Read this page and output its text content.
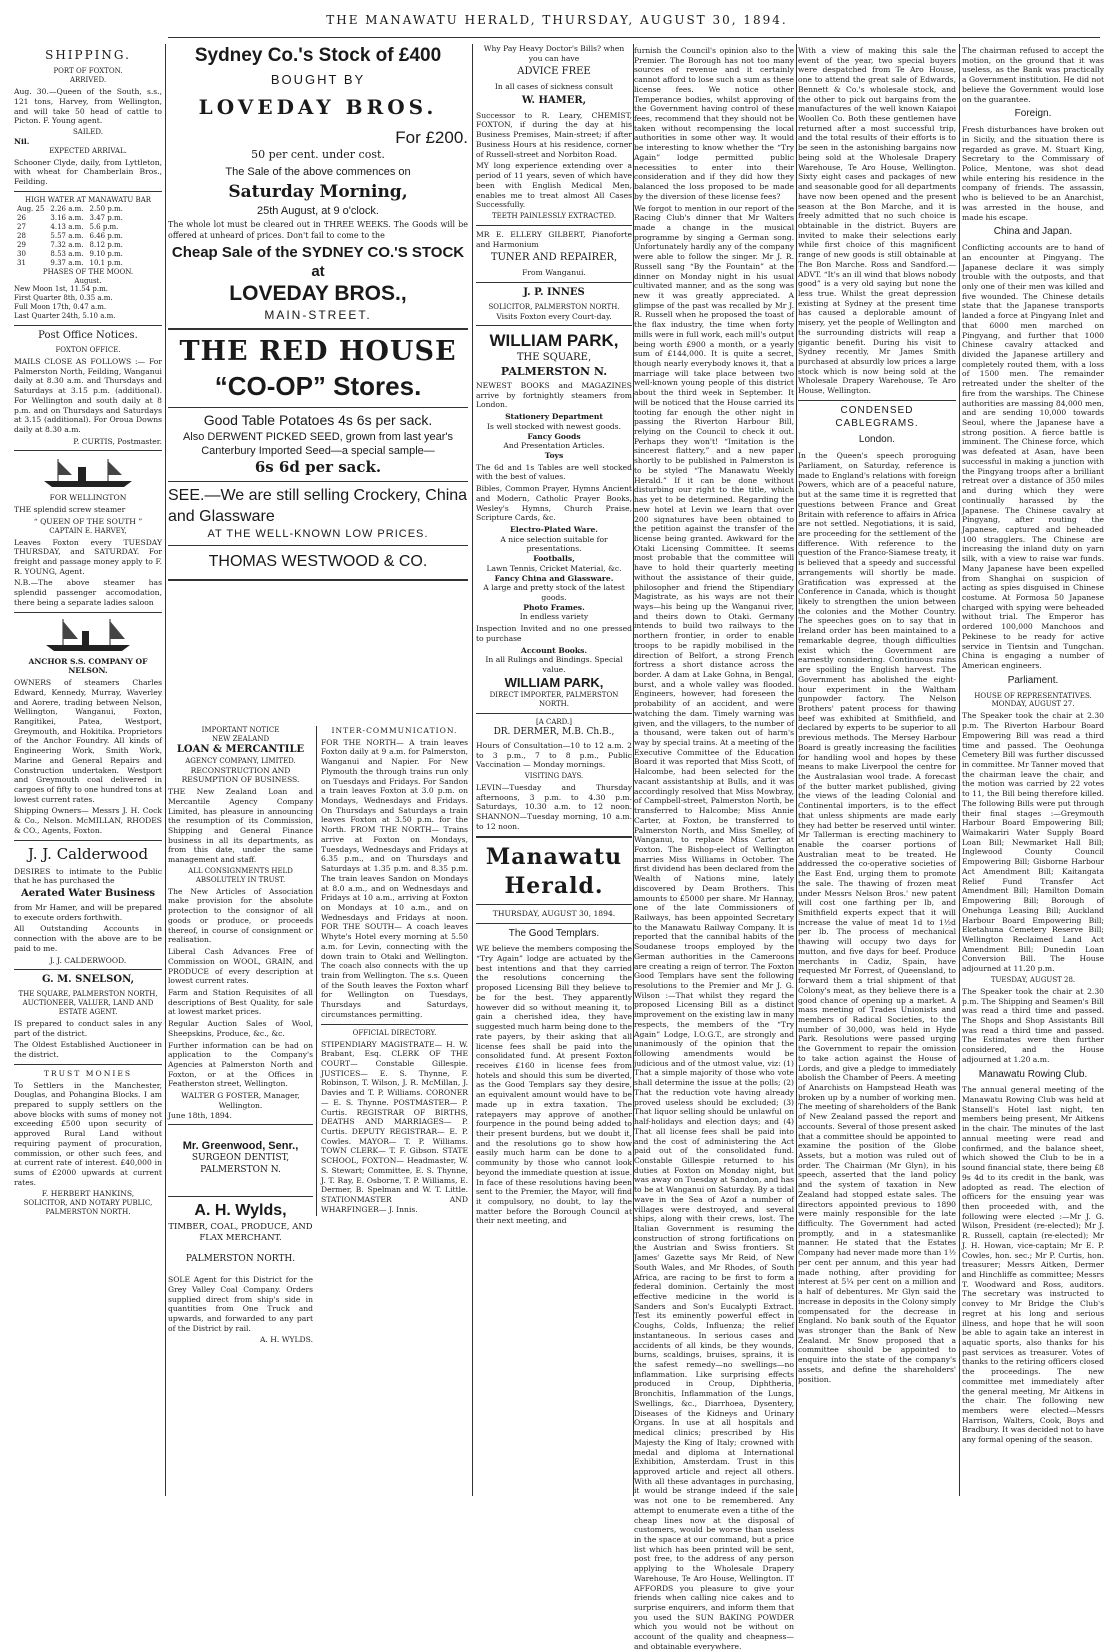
THE MANAWATU HERALD, THURSDAY, AUGUST 30, 1894.
SHIPPING.
PORT OF FOXTON.
ARRIVED.

Aug. 30.—Queen of the South, s.s., 121 tons, Harvey, from Wellington, and will take 50 head of cattle to Picton. F. Young agent.

SAILED.
Nil.
EXPECTED ARRIVAL.

Schooner Clyde, daily, from Lyttleton, with wheat for Chamberlain Bros., Feilding.

HIGH WATER AT MANAWATU BAR
Aug. 25	2.26 a.m.	2.50 p.m.
26	3.16 a.m.	3.47 p.m.
27	4.13 a.m.	5.6 p.m.
28	5.57 a.m.	6.46 p.m.
29	7.32 a.m.	8.12 p.m.
30	8.53 a.m.	9.10 p.m.
31	9.37 a.m.	10.1 p.m.
PHASES OF THE MOON.
August.
New Moon 1st, 11.54 p.m.
First Quarter 8th, 0.35 a.m.
Full Moon 17th, 0.47 a.m.
Last Quarter 24th, 5.10 a.m.
Post Office Notices.
FOXTON OFFICE.

MAILS CLOSE AS FOLLOWS :— For Palmerston North, Feilding, Wanganui daily at 8.30 a.m. and Thursdays and Saturdays at 3.15 p.m. (additional). For Wellington and south daily at 8 p.m. and on Thursdays and Saturdays at 3.15 (additional). For Oroua Downs daily at 8.30 a.m.

P. CURTIS, Postmaster.

FOR WELLINGTON

THE splendid screw steamer

“ QUEEN OF THE SOUTH ”
CAPTAIN E. HARVEY,

Leaves Foxton every TUESDAY THURSDAY, and SATURDAY. For freight and passage money apply to F. R. YOUNG, Agent.

N.B.—The above steamer has splendid passenger accomodation, there being a separate ladies saloon

ANCHOR S.S. COMPANY OF NELSON.

OWNERS of steamers Charles Edward, Kennedy, Murray, Waverley and Aorere, trading between Nelson, Wellington, Wanganui, Foxton, Rangitikei, Patea, Westport, Greymouth, and Hokitika. Proprietors of the Anchor Foundry. All kinds of Engineering Work, Smith Work, Marine and General Repairs and Construction undertaken. Westport and Greymouth coal delivered in cargoes of fifty to one hundred tons at lowest current rates.

Shipping Owners— Messrs J. H. Cock & Co., Nelson. McMILLAN, RHODES & CO., Agents, Foxton.

J. J. Calderwood

DESIRES to intimate to the Public that he has purchased the

Aerated Water Business

from Mr Hamer, and will be prepared to execute orders forthwith.

All Outstanding Accounts in connection with the above are to be paid to me.

J. J. CALDERWOOD.
G. M. SNELSON,
THE SQUARE, PALMERSTON NORTH,
AUCTIONEER, VALUER, LAND AND ESTATE AGENT.

IS prepared to conduct sales in any part of the district.

The Oldest Established Auctioneer in the district.

TRUST MONIES

To Settlers in the Manchester, Douglas, and Pohangina Blocks. I am prepared to supply settlers on the above blocks with sums of money not exceeding £500 upon security of approved Rural Land without requiring payment of procuration, commission, or other such fees, and at current rate of interest. £40,000 in sums of £2000 upwards at current rates.

F. HERBERT HANKINS,
SOLICITOR, AND NOTARY PUBLIC, PALMERSTON NORTH.
Sydney Co.'s Stock of £400
BOUGHT BY
LOVEDAY BROS.
For £200.
50 per cent. under cost.
The Sale of the above commences on
Saturday Morning,
25th August, at 9 o'clock.

The whole lot must be cleared out in THREE WEEKS. The Goods will be offered at unheard of prices. Don't fail to come to the

Cheap Sale of the SYDNEY CO.'S STOCK at
LOVEDAY BROS.,
MAIN-STREET.
THE RED HOUSE
“CO-OP” Stores.
Good Table Potatoes 4s 6s per sack.
Also DERWENT PICKED SEED, grown from last year's Canterbury Imported Seed—a special sample—
6s 6d per sack.
SEE.—We are still selling Crockery, China and Glassware
AT THE WELL-KNOWN LOW PRICES.
THOMAS WESTWOOD & CO.
IMPORTANT NOTICE
NEW ZEALAND
LOAN & MERCANTILE
AGENCY COMPANY, LIMITED.
RECONSTRUCTION AND RESUMPTION OF BUSINESS.

THE New Zealand Loan and Mercantile Agency Company Limited, has pleasure in announcing the resumption of its Commission, Shipping and General Finance business in all its departments, as from this date, under the same management and staff.

ALL CONSIGNMENTS HELD ABSOLUTELY IN TRUST.

The New Articles of Association make provision for the absolute protection to the consignor of all goods or produce, or proceeds thereof, in course of consignment or realisation.

Liberal Cash Advances Free of Commission on WOOL, GRAIN, and PRODUCE of every description at lowest current rates.

Farm and Station Requisites of all descriptions of Best Quality, for sale at lowest market prices.

Regular Auction Sales of Wool, Sheepskins, Produce, &c., &c.

Further information can be had on application to the Company's Agencies at Palmerston North and Foxton, or at the Offices in Featherston street, Wellington.

WALTER G FOSTER, Manager, Wellington.
June 18th, 1894.
Mr. Greenwood, Senr.,
SURGEON DENTIST,
PALMERSTON N.
A. H. Wylds,
TIMBER, COAL, PRODUCE, AND FLAX MERCHANT.
PALMERSTON NORTH.

SOLE Agent for this District for the Grey Valley Coal Company. Orders supplied direct from ship's side in quantities from One Truck and upwards, and forwarded to any part of the District by rail.

A. H. WYLDS.
INTER-COMMUNICATION.

FOR THE NORTH— A train leaves Foxton daily at 9 a.m. for Palmerston, Wanganui and Napier. For New Plymouth the through trains run only on Tuesdays and Fridays. For Sandon a train leaves Foxton at 3.0 p.m. on Mondays, Wednesdays and Fridays. On Thursdays and Saturdays a train leaves Foxton at 3.50 p.m. for the North. FROM THE NORTH— Trains arrive at Foxton on Mondays, Tuesdays, Wednesdays and Fridays at 6.35 p.m., and on Thursdays and Saturdays at 1.35 p.m. and 8.35 p.m. The train leaves Sandon on Mondays at 8.0 a.m., and on Wednesdays and Fridays at 10 a.m., arriving at Foxton on Mondays at 10 a.m., and on Wednesdays and Fridays at noon. FOR THE SOUTH— A coach leaves Whyte's Hotel every morning at 5.50 a.m. for Levin, connecting with the down train to Otaki and Wellington. The coach also connects with the up train from Wellington. The s.s. Queen of the South leaves the Foxton wharf for Wellington on Tuesdays, Thursdays and Saturdays, circumstances permitting.

OFFICIAL DIRECTORY.

STIPENDIARY MAGISTRATE— H. W. Brabant, Esq. CLERK OF THE COURT— Constable Gillespie. JUSTICES— E. S. Thynne, F. Robinson, T. Wilson, J. R. McMillan, J. Davies and T. P. Williams. CORONER— E. S. Thynne. POSTMASTER— P. Curtis. REGISTRAR OF BIRTHS, DEATHS AND MARRIAGES— P. Curtis. DEPUTY REGISTRAR— E. P. Cowles. MAYOR— T. P. Williams. TOWN CLERK— T. F. Gibson. STATE SCHOOL, FOXTON— Headmaster, W. S. Stewart; Committee, E. S. Thynne, J. T. Ray, E. Osborne, T. P. Williams, E. Dermer, B. Spelman and W. T. Little. STATIONMASTER AND WHARFINGER— J. Innis.

Why Pay Heavy Doctor's Bills? when you can have
ADVICE FREE
In all cases of sickness consult
W. HAMER,

Successor to R. Leary, CHEMIST, FOXTON, if during the day at his Business Premises, Main-street; if after Business Hours at his residence, corner of Russell-street and Norbiton Road.

MY long experience extending over a period of 11 years, seven of which have been with English Medical Men, enables me to treat almost All Cases Successfully.

TEETH PAINLESSLY EXTRACTED.

MR E. ELLERY GILBERT, Pianoforte and Harmonium

TUNER AND REPAIRER,
From Wanganui.
J. P. INNES
SOLICITOR, PALMERSTON NORTH.
Visits Foxton every Court-day.
WILLIAM PARK,
THE SQUARE,
PALMERSTON N.

NEWEST BOOKS and MAGAZINES arrive by fortnightly steamers from London.

Stationery Department
Is well stocked with newest goods.
Fancy Goods
And Presentation Articles.
Toys

The 6d and 1s Tables are well stocked with the best of values.

Bibles, Common Prayer, Hymns Ancient and Modern, Catholic Prayer Books, Wesley's Hymns, Church Praise, Scripture Cards, &c.

Electro-Plated Ware.
A nice selection suitable for presentations.
Footballs,
Lawn Tennis, Cricket Material, &c.
Fancy China and Glassware.
A large and pretty stock of the latest goods.
Photo Frames.
In endless variety

Inspection Invited and no one pressed to purchase

Account Books.
In all Rulings and Bindings. Special value.
WILLIAM PARK,
DIRECT IMPORTER, PALMERSTON NORTH.
[A CARD.]
DR. DERMER, M.B. Ch.B.,

Hours of Consultation—10 to 12 a.m. 2 to 3 p.m., 7 to 8 p.m., Public Vaccination — Monday mornings.

VISITING DAYS.

LEVIN—Tuesday and Thursday afternoons, 3 p.m. to 4.30 p.m. Saturdays, 10.30 a.m. to 12 noon. SHANNON—Tuesday morning, 10 a.m. to 12 noon.

Manawatu Herald.
THURSDAY, AUGUST 30, 1894.
The Good Templars.

WE believe the members composing the “Try Again” lodge are actuated by the best intentions and that they carried the resolutions concerning the proposed Licensing Bill they believe to be for the best. They apparently however did so without meaning it, to gain a cherished idea, they have suggested much harm being done to the rate payers, by their asking that all license fees shall be paid into the consolidated fund. At present Foxton receives £160 in license fees from hotels and should this sum be diverted, as the Good Templars say they desire, an equivalent amount would have to be made up in extra taxation. The ratepayers may approve of another fourpence in the pound being added to their present burdens, but we doubt it, and the resolutions go to show how easily much harm can be done to a community by those who cannot look beyond the immediate question at issue. In face of these resolutions having been sent to the Premier, the Mayor, will find it compulsory, no doubt, to lay the matter before the Borough Council at their next meeting, and

furnish the Council's opinion also to the Premier. The Borough has not too many sources of revenue and it certainly cannot afford to lose such a sum as these license fees. We notice other Temperance bodies, whilst approving of the Government having control of these fees, recommend that they should not be taken without recompensing the local authorities in some other way. It would be interesting to know whether the “Try Again” lodge permitted public necessities to enter into their consideration and if they did how they balanced the loss proposed to be made by the diversion of these license fees?

We forgot to mention in our report of the Racing Club's dinner that Mr Walters made a change in the musical programme by singing a German song. Unfortunately hardly any of the company were able to follow the singer. Mr J. R. Russell sang “By the Fountain” at the dinner on Monday night in his usual cultivated manner, and as the song was new it was greatly appreciated. A glimpse of the past was recalled by Mr J. R. Russell when he proposed the toast of the flax industry, the time when forty mills were in full work, each mill's output being worth £900 a month, or a yearly sum of £144,000. It is quite a secret, though nearly everybody knows it, that a marriage will take place between two well-known young people of this district about the third week in September. It will be noticed that the House carried its tooting far enough the other night in passing the Riverton Harbour Bill, relying on the Council to check it out. Perhaps they won't! “Imitation is the sincerest flattery,” and a new paper shortly to be published in Palmerston is to be styled “The Manawatu Weekly Herald.” If it can be done without disturbing our right to the title, which has yet to be determined. Regarding the new hotel at Levin we learn that over 200 signatures have been obtained to the petition against the transfer of the license being granted. Awkward for the Otaki Licensing Committee. It seems most probable that the committee will have to hold their quarterly meeting without the assistance of their guide, philosopher and friend the Stipendiary Magistrate, as his ways are not their ways—his being up the Wanganui river, and theirs down to Otaki. Germany intends to build two railways to the northern frontier, in order to enable troops to be rapidly mobilised in the direction of Belfort, a strong French fortress a short distance across the border. A dam at Lake Gohna, in Bengal, burst, and a whole valley was flooded. Engineers, however, had foreseen the probability of an accident, and were watching the dam. Timely warning was given, and the villagers, to the number of a thousand, were taken out of harm's way by special trains. At a meeting of the Executive Committee of the Education Board it was reported that Miss Scott, of Halcombe, had been selected for the vacant assistantship at Bulls, and it was accordingly resolved that Miss Mowbray, of Campbell-street, Palmerston North, be transferred to Halcombe; Miss Annie Carter, at Foxton, be transferred to Palmerston North, and Miss Smelley, of Wanganui, to replace Miss Carter at Foxton. The Bishop-elect of Wellington marries Miss Williams in October. The first dividend has been declared from the Wealth of Nations mine, lately discovered by Deam Brothers. This amounts to £5000 per share. Mr Hannay, one of the late Commissioners of Railways, has been appointed Secretary to the Manawatu Railway Company. It is reported that the cannibal habits of the Soudanese troops employed by the German authorities in the Cameroons are creating a reign of terror. The Foxton Good Templars have sent the following resolutions to the Premier and Mr J. G. Wilson :—That whilst they regard the proposed Licensing Bill as a distinct improvement on the existing law in many respects, the members of the “Try Again” Lodge, I.O.G.T., are strongly and unanimously of the opinion that the following amendments would be judicious and of the utmost value, viz: (1) That a simple majority of those who vote shall determine the issue at the polls; (2) That the reduction vote having already proved useless should be excluded; (3) That liquor selling should be unlawful on half-holidays and election days; and (4) That all license fees shall be paid into and the cost of administering the Act paid out of the consolidated fund. Constable Gillespie returned to his duties at Foxton on Monday night, but was away on Tuesday at Sandon, and has to be at Wanganui on Saturday. By a tidal wave in the Sea of Azof a number of villages were destroyed, and several ships, along with their crews, lost. The Italian Government is resuming the construction of strong fortifications on the Austrian and Swiss frontiers. St James' Gazette says Mr Reid, of New South Wales, and Mr Rhodes, of South Africa, are racing to be first to form a federal dominion. Certainly the most effective medicine in the world is Sanders and Son's Eucalypti Extract. Test its eminently powerful effect in Coughs, Colds, Influenza; the relief instantaneous. In serious cases and accidents of all kinds, be they wounds, burns, scaldings, bruises, sprains, it is the safest remedy—no swellings—no inflammation. Like surprising effects produced in Croup, Diphtheria, Bronchitis, Inflammation of the Lungs, Swellings, &c., Diarrhoea, Dysentery, Diseases of the Kidneys and Urinary Organs. In use at all hospitals and medical clinics; prescribed by His Majesty the King of Italy; crowned with medal and diploma at International Exhibition, Amsterdam. Trust in this approved article and reject all others. With all these advantages in purchasing, it would be strange indeed if the sale was not one to be remembered. Any attempt to enumerate even a tithe of the cheap lines now at the disposal of customers, would be worse than useless in the space at our command, but a price list which has been printed will be sent, post free, to the address of any person applying to the Wholesale Drapery Warehouse, Te Aro House, Wellington. IT AFFORDS you pleasure to give your friends when calling nice cakes and to surprise enquirers, and inform them that you used the SUN BAKING POWDER which you would not be without on account of the quality and cheapness—and obtainable everywhere.

With a view of making this sale the event of the year, two special buyers were despatched from Te Aro House, one to attend the great sale of Edwards, Bennett & Co.'s wholesale stock, and the other to pick out bargains from the manufactures of the well known Kaiapoi Woollen Co. Both these gentlemen have returned after a most successful trip, and the total results of their efforts is to be seen in the astonishing bargains now being sold at the Wholesale Drapery Warehouse, Te Aro House, Wellington. Sixty eight cases and packages of new and seasonable good for all departments have now been opened and the present season at the Bon Marche, and it is freely admitted that no such choice is obtainable in the district. Buyers are invited to make their selections early while first choice of this magnificent range of new goods is still obtainable at The Bon Marche. Ross and Sandford.—ADVT. “It's an ill wind that blows nobody good” is a very old saying but none the less true. Whilst the great depression existing at Sydney at the present time has caused a deplorable amount of misery, yet the people of Wellington and the surrounding districts will reap a gigantic benefit. During his visit to Sydney recently, Mr James Smith purchased at absurdly low prices a large stock which is now being sold at the Wholesale Drapery Warehouse, Te Aro House, Wellington.

CONDENSED CABLEGRAMS.
London.

In the Queen's speech proroguing Parliament, on Saturday, reference is made to England's relations with foreign Powers, which are of a peaceful nature, but at the same time it is regretted that questions between France and Great Britain with reference to affairs in Africa are not settled. Negotiations, it is said, are proceeding for the settlement of the difference. With reference to the question of the Franco-Siamese treaty, it is believed that a speedy and successful arrangements will shortly be made. Gratification was expressed at the Conference in Canada, which is thought likely to strengthen the union between the colonies and the Mother Country. The speeches goes on to say that in Ireland order has been maintained to a remarkable degree, though difficulties exist which the Government are earnestly considering. Continuous rains are spoiling the English harvest. The Government has abolished the eight-hour experiment in the Waltham gunpowder factory. The Nelson Brothers' patent process for thawing beef was exhibited at Smithfield, and declared by experts to be superior to all previous methods. The Mersey Harbour Board is greatly increasing the facilities for handling wool and hopes by these means to make Liverpool the centre for the Australasian wool trade. A forecast of the butter market published, giving the views of the leading Colonial and Continental importers, is to the effect that unless shipments are made early they had better be reserved until winter. Mr Tallerman is erecting machinery to enable the coarser portions of Australian meat to be treated. He addressed the co-operative societies of the East End, urging them to promote the sale. The thawing of frozen meat under Messrs Nelson Bros.' new patent will cost one farthing per lb, and Smithfield experts expect that it will increase the value of meat 1d to 1½d per lb. The process of mechanical thawing will occupy two days for mutton, and five days for beef. Produce merchants in Cadiz, Spain, have requested Mr Forrest, of Queensland, to forward them a trial shipment of that Colony's meat, as they believe there is a good chance of opening up a market. A mass meeting of Trades Unionists and members of Radical Societies, to the number of 30,000, was held in Hyde Park. Resolutions were passed urging the Government to repair the omission to take action against the House of Lords, and give a pledge to immediately abolish the Chamber of Peers. A meeting of Anarchists on Hampstead Heath was broken up by a number of working men. The meeting of shareholders of the Bank of New Zealand passed the report and accounts. Several of those present asked that a committee should be appointed to examine the position of the Globe Assets, but a motion was ruled out of order. The Chairman (Mr Glyn), in his speech, asserted that the land policy and the system of taxation in New Zealand had stopped estate sales. The directors appointed previous to 1890 were mainly responsible for the late difficulty. The Government had acted promptly, and in a statesmanlike manner. He stated that the Estates Company had never made more than 1½ per cent per annum, and this year had made nothing, after providing for interest at 5¼ per cent on a million and a half of debentures. Mr Glyn said the increase in deposits in the Colony simply compensated for the decrease in England. No bank south of the Equator was stronger than the Bank of New Zealand. Mr Snow proposed that a committee should be appointed to enquire into the state of the company's assets, and define the shareholders' position.

The chairman refused to accept the motion, on the ground that it was useless, as the Bank was practically a Government institution. He did not believe the Government would lose on the guarantee.

Foreign.

Fresh disturbances have broken out in Sicily, and the situation there is regarded as grave. M. Stuart King, Secretary to the Commissary of Police, Mentone, was shot dead while entering his residence in the company of friends. The assassin, who is believed to be an Anarchist, was arrested in the house, and made his escape.

China and Japan.

Conflicting accounts are to hand of an encounter at Pingyang. The Japanese declare it was simply trouble with the outposts, and that only one of their men was killed and five wounded. The Chinese details state that the Japanese transports landed a force at Pingyang Inlet and that 6000 men marched on Pingyang, and further that 1000 Chinese cavalry attacked and divided the Japanese artillery and completely routed them, with a loss of 1500 men. The remainder retreated under the shelter of the fire from the warships. The Chinese authorities are massing 84,000 men, and are sending 10,000 towards Seoul, where the Japanese have a strong position. A fierce battle is imminent. The Chinese force, which was defeated at Asan, have been successful in making a junction with the Pingyang troops after a brilliant retreat over a distance of 350 miles and during which they were continually harassed by the Japanese. The Chinese cavalry at Pingyang, after routing the Japanese, captured and beheaded 100 stragglers. The Chinese are increasing the inland duty on yarn silk, with a view to raise war funds. Many Japanese have been expelled from Shanghai on suspicion of acting as spies disguised in Chinese costume. At Formosa 50 Japanese charged with spying were beheaded without trial. The Emperor has ordered 100,000 Manchoos and Pekinese to be ready for active service in Tientsin and Tungchan. China is engaging a number of American engineers.

Parliament.
HOUSE OF REPRESENTATIVES.
MONDAY, AUGUST 27.

The Speaker took the chair at 2.30 p.m. The Riverton Harbour Board Empowering Bill was read a third time and passed. The Oeohunga Cemetery Bill was further discussed in committee. Mr Tanner moved that the chairman leave the chair, and the motion was carried by 22 votes to 11, the Bill being therefore killed. The following Bills were put through their final stages :—Greymouth Harbour Board Empowering Bill; Waimakariri Water Supply Board Loan Bill; Newmarket Hall Bill; Inglewood County Council Empowering Bill; Gisborne Harbour Act Amendment Bill; Kaitangata Relief Fund Transfer Act Amendment Bill; Hamilton Domain Empowering Bill; Borough of Onehunga Leasing Bill; Auckland Harbour Board Empowering Bill; Eketahuna Cemetery Reserve Bill; Wellington Reclaimed Land Act Amendment Bill; Dunedin Loan Conversion Bill. The House adjourned at 11.20 p.m.

TUESDAY, AUGUST 28.

The Speaker took the chair at 2.30 p.m. The Shipping and Seamen's Bill was read a third time and passed. The Shops and Shop Assistants Bill was read a third time and passed. The Estimates were then further considered, and the House adjourned at 1.20 a.m.

Manawatu Rowing Club.

The annual general meeting of the Manawatu Rowing Club was held at Stansell's Hotel last night, ten members being present, Mr Aitkens in the chair. The minutes of the last annual meeting were read and confirmed, and the balance sheet, which showed the Club to be in a sound financial state, there being £8 9s 4d to its credit in the bank, was adopted as read. The election of officers for the ensuing year was then proceeded with, and the following were elected :—Mr J. G. Wilson, President (re-elected); Mr J. R. Russell, captain (re-elected); Mr J. H. Howan, vice-captain; Mr E. P. Cowles, hon. sec.; Mr P. Curtis, hon. treasurer; Messrs Aitken, Dermer and Hinchliffe as committee; Messrs T. Woodward and Ross, auditors. The secretary was instructed to convey to Mr Bridge the Club's regret at his long and serious illness, and hope that he will soon be able to again take an interest in aquatic sports, also thanks for his past services as treasurer. Votes of thanks to the retiring officers closed the proceedings. The new committee met immediately after the general meeting, Mr Aitkens in the chair. The following new members were elected—Messrs Harrison, Walters, Cook, Boys and Bradbury. It was decided not to have any formal opening of the season.
